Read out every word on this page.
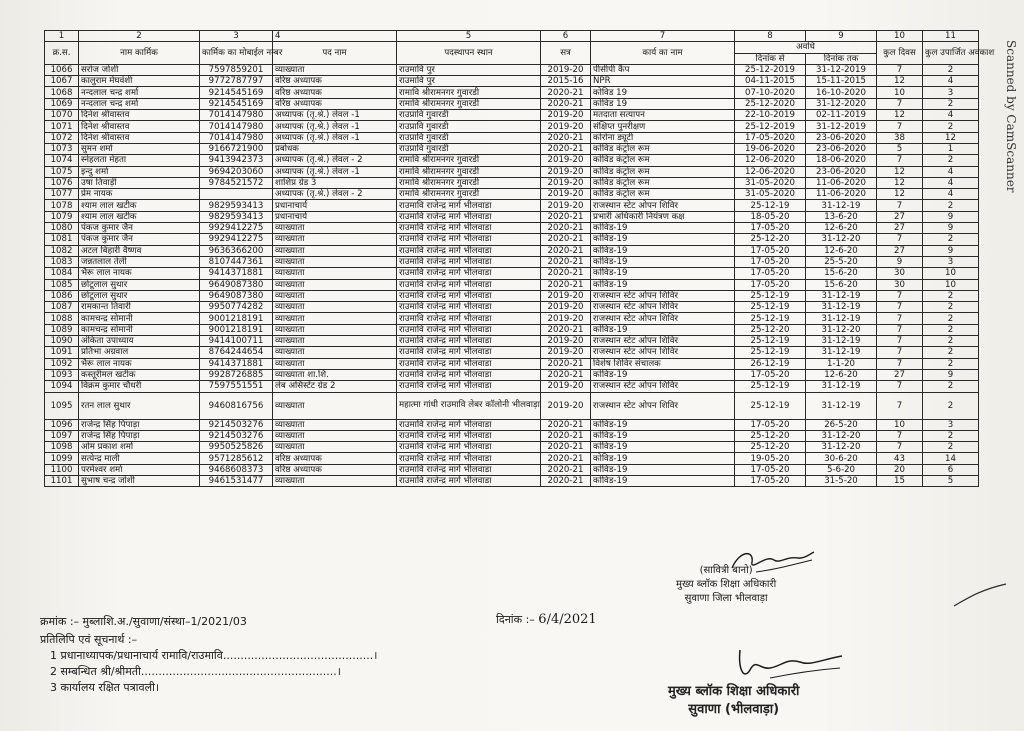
Scanned by CamScanner
1	2	3	4	5	6	7	8	9	10	11
क्र.स.	नाम कार्मिक	कार्मिक का मोबाईल नम्बर	पद नाम	पदस्थापन स्थान	सत्र	कार्य का नाम	अवधि		कुल दिवस	कुल उपार्जित अवकाश
							दिनांक से	दिनांक तक		
1066	सरोज जोशी	7597859201	व्याख्याता	राउमावि पुर	2019-20	पीसीपी कैंप	25-12-2019	31-12-2019	7	2
1067	कालुराम मेघवंशी	9772787797	वरिष्ठ अध्यापक	राउमावि पुर	2015-16	NPR	04-11-2015	15-11-2015	12	4
1068	नन्दलाल चन्द्र शर्मा	9214545169	वरिष्ठ अध्यापक	रामावि श्रीरामनगर गुवारडी	2020-21	कोविड 19	07-10-2020	16-10-2020	10	3
1069	नन्दलाल चन्द्र शर्मा	9214545169	वरिष्ठ अध्यापक	रामावि श्रीरामनगर गुवारडी	2020-21	कोविड 19	25-12-2020	31-12-2020	7	2
1070	दिनेश श्रीवास्तव	7014147980	अध्यापक (तृ.श्रे.) लेवल -1	राउप्रावि गुवारडी	2019-20	मतदाता सत्यापन	22-10-2019	02-11-2019	12	4
1071	दिनेश श्रीवास्तव	7014147980	अध्यापक (तृ.श्रे.) लेवल -1	राउप्रावि गुवारडी	2019-20	संक्षिप्त पुनरीक्षण	25-12-2019	31-12-2019	7	2
1072	दिनेश श्रीवास्तव	7014147980	अध्यापक (तृ.श्रे.) लेवल -1	राउप्रावि गुवारडी	2020-21	कोरोना ड्यूटी	17-05-2020	23-06-2020	38	12
1073	सुमन शर्मा	9166721900	प्रबोधक	राउप्रावि गुवारडी	2020-21	कोविड कंट्रोल रूम	19-06-2020	23-06-2020	5	1
1074	स्नेहलता मेहता	9413942373	अध्यापक (तृ.श्रे.) लेवल - 2	रामावि श्रीरामनगर गुवारडी	2019-20	कोविड कंट्रोल रूम	12-06-2020	18-06-2020	7	2
1075	इन्दु शर्मा	9694203060	अध्यापक (तृ.श्रे.) लेवल -1	रामावि श्रीरामनगर गुवारडी	2019-20	कोविड कंट्रोल रूम	12-06-2020	23-06-2020	12	4
1076	उषा तिवाड़ी	9784521572	शाशिप्र ग्रेड 3	रामावि श्रीरामनगर गुवारडी	2019-20	कोविड कंट्रोल रूम	31-05-2020	11-06-2020	12	4
1077	प्रेम नायक		अध्यापक (तृ.श्रे.) लेवल - 2	रामावि श्रीरामनगर गुवारडी	2019-20	कोविड कंट्रोल रूम	31-05-2020	11-06-2020	12	4
1078	श्याम लाल खटीक	9829593413	प्रधानाचार्य	राउमावि राजेन्द्र मार्ग भीलवाडा	2019-20	राजस्थान स्टेट ओपन शिविर	25-12-19	31-12-19	7	2
1079	श्याम लाल खटीक	9829593413	प्रधानाचार्य	राउमावि राजेन्द्र मार्ग भीलवाडा	2020-21	प्रभारी अधिकारी नियंत्रण कक्ष	18-05-20	13-6-20	27	9
1080	पंकज कुमार जैन	9929412275	व्याख्याता	राउमावि राजेन्द्र मार्ग भीलवाडा	2020-21	कोविड-19	17-05-20	12-6-20	27	9
1081	पंकज कुमार जैन	9929412275	व्याख्याता	राउमावि राजेन्द्र मार्ग भीलवाडा	2020-21	कोविड-19	25-12-20	31-12-20	7	2
1082	अटल बिहारी वैष्णव	9636366200	व्याख्याता	राउमावि राजेन्द्र मार्ग भीलवाडा	2020-21	कोविड-19	17-05-20	12-6-20	27	9
1083	जन्नतलाल तेली	8107447361	व्याख्याता	राउमावि राजेन्द्र मार्ग भीलवाडा	2020-21	कोविड-19	17-05-20	25-5-20	9	3
1084	भैरू लाल नायक	9414371881	व्याख्याता	राउमावि राजेन्द्र मार्ग भीलवाडा	2020-21	कोविड-19	17-05-20	15-6-20	30	10
1085	छोटूलाल सुथार	9649087380	व्याख्याता	राउमावि राजेन्द्र मार्ग भीलवाडा	2020-21	कोविड-19	17-05-20	15-6-20	30	10
1086	छोटूलाल सुथार	9649087380	व्याख्याता	राउमावि राजेन्द्र मार्ग भीलवाडा	2019-20	राजस्थान स्टेट ओपन शिविर	25-12-19	31-12-19	7	2
1087	रामकान्त तिवारी	9950774282	व्याख्याता	राउमावि राजेन्द्र मार्ग भीलवाडा	2019-20	राजस्थान स्टेट ओपन शिविर	25-12-19	31-12-19	7	2
1088	कामचन्द्र सोमानी	9001218191	व्याख्याता	राउमावि राजेन्द्र मार्ग भीलवाडा	2019-20	राजस्थान स्टेट ओपन शिविर	25-12-19	31-12-19	7	2
1089	कामचन्द्र सोमानी	9001218191	व्याख्याता	राउमावि राजेन्द्र मार्ग भीलवाडा	2020-21	कोविड-19	25-12-20	31-12-20	7	2
1090	अंकिता उपाध्याय	9414100711	व्याख्याता	राउमावि राजेन्द्र मार्ग भीलवाडा	2019-20	राजस्थान स्टेट ओपन शिविर	25-12-19	31-12-19	7	2
1091	प्रतिभा अग्रवाल	8764244654	व्याख्याता	राउमावि राजेन्द्र मार्ग भीलवाडा	2019-20	राजस्थान स्टेट ओपन शिविर	25-12-19	31-12-19	7	2
1092	भैरू लाल नायक	9414371881	व्याख्याता	राउमावि राजेन्द्र मार्ग भीलवाडा	2020-21	विशेष शिविर संचालक	26-12-19	1-1-20	7	2
1093	कस्तूरीमल खटीक	9928726885	व्याख्याता शा.शि.	राउमावि राजेन्द्र मार्ग भीलवाडा	2020-21	कोविड-19	17-05-20	12-6-20	27	9
1094	विक्रम कुमार चौधरी	7597551551	लेब असिस्टेंट ग्रेड 2	राउमावि राजेन्द्र मार्ग भीलवाडा	2019-20	राजस्थान स्टेट ओपन शिविर	25-12-19	31-12-19	7	2
1095	रतन लाल सुथार	9460816756	व्याख्याता	महात्मा गांधी राउमावि लेबर कॉलोनी भीलवाड़ा	2019-20	राजस्थान स्टेट ओपन शिविर	25-12-19	31-12-19	7	2
1096	राजेन्द्र सिंह पिपाड़ा	9214503276	व्याख्याता	राउमावि राजेन्द्र मार्ग भीलवाडा	2020-21	कोविड-19	17-05-20	26-5-20	10	3
1097	राजेन्द्र सिंह पिपाड़ा	9214503276	व्याख्याता	राउमावि राजेन्द्र मार्ग भीलवाडा	2020-21	कोविड-19	25-12-20	31-12-20	7	2
1098	ओम प्रकाश शर्मा	9950525826	व्याख्याता	राउमावि राजेन्द्र मार्ग भीलवाडा	2020-21	कोविड-19	25-12-20	31-12-20	7	2
1099	सत्येन्द्र माली	9571285612	वरिष्ठ अध्यापक	राउमावि राजेन्द्र मार्ग भीलवाडा	2020-21	कोविड-19	19-05-20	30-6-20	43	14
1100	परमेश्वर शर्मा	9468608373	वरिष्ठ अध्यापक	राउमावि राजेन्द्र मार्ग भीलवाडा	2020-21	कोविड-19	17-05-20	5-6-20	20	6
1101	सुभाष चन्द्र जोशी	9461531477	व्याख्याता	राउमावि राजेन्द्र मार्ग भीलवाडा	2020-21	कोविड-19	17-05-20	31-5-20	15	5
(सावित्री बानो)
मुख्य ब्लॉक शिक्षा अधिकारी
सुवाणा जिला भीलवाड़ा
क्रमांक :– मुब्लाशि.अ./सुवाणा/संस्था–1/2021/03	दिनांक :– 6/4/2021
प्रतिलिपि एवं सूचनार्थ :–
1 प्रधानाध्यापक/प्रधानाचार्य रामावि/राउमावि...........................................।
2 सम्बन्धित श्री/श्रीमती........................................................।
3 कार्यालय रक्षित पत्रावली।	मुख्य ब्लॉक शिक्षा अधिकारी
सुवाणा (भीलवाड़ा)
